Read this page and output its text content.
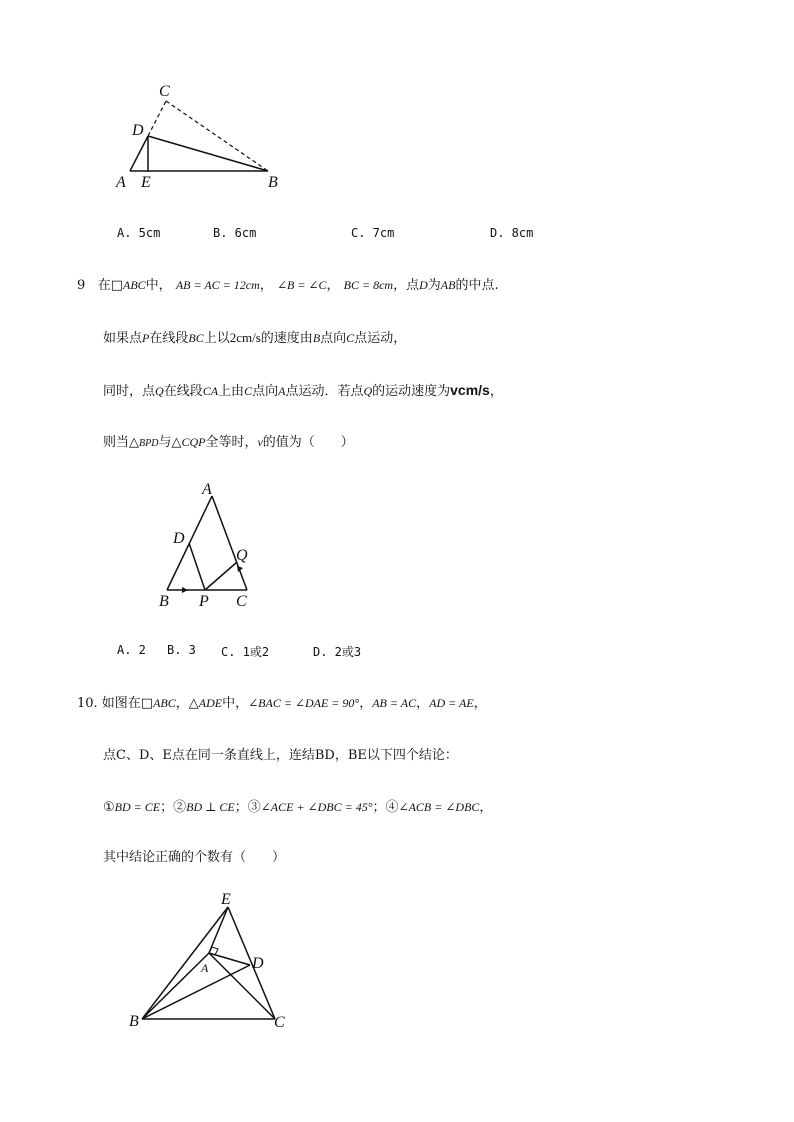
C
D
A E	B
A. 5cm	B. 6cm	C. 7cm	D. 8cm
9 在□ABC中， AB = AC = 12cm， ∠B = ∠C， BC = 8cm，点D为AB的中点.
如果点P在线段BC上以2cm/s的速度由B点向C点运动，
同时，点Q在线段CA上由C点向A点运动．若点Q的运动速度为vcm/s，
则当△BPD与△CQP全等时，v的值为（　　）
A
D
Q
B P C
A. 2 B. 3 C. 1或2	D. 2或3
10. 如图在□ABC，△ADE中，∠BAC = ∠DAE = 90°，AB = AC，AD = AE，
点C、D、E点在同一条直线上，连结BD，BE以下四个结论：
①BD = CE；②BD ⊥ CE；③∠ACE + ∠DBC = 45°；④∠ACB = ∠DBC，
其中结论正确的个数有（　　）
E
A	D
B	C
